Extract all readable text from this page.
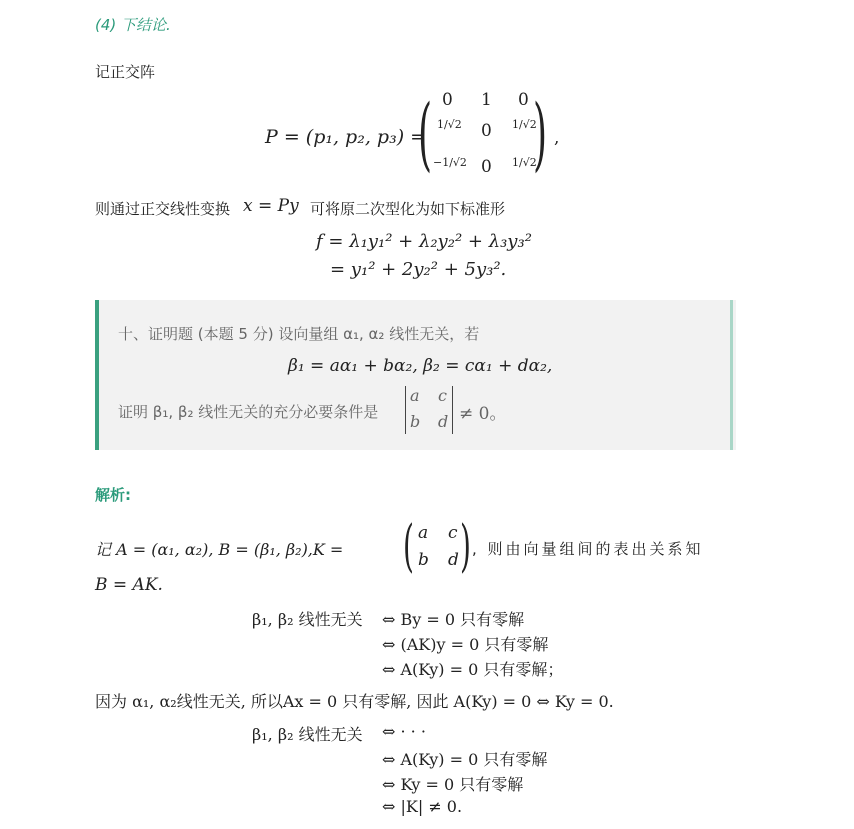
(4) 下结论.
记正交阵
P = (p₁, p₂, p₃) =
( )
0 1 0
1/√2 0 1/√2
−1/√2 0 1/√2
,
则通过正交线性变换 x = Py 可将原二次型化为如下标准形
f = λ₁y₁² + λ₂y₂² + λ₃y₃²
= y₁² + 2y₂² + 5y₃².
十、证明题 (本题 5 分) 设向量组 α₁, α₂ 线性无关，若
β₁ = aα₁ + bα₂, β₂ = cα₁ + dα₂,
证明 β₁, β₂ 线性无关的充分必要条件是
a c
b d ≠ 0。
解析:
记 A = (α₁, α₂), B = (β₁, β₂),K = ( a c
b d ) , 则由向量组间的表出关系知
B = AK.
β₁, β₂ 线性无关 ⇔ By = 0 只有零解
⇔ (AK)y = 0 只有零解
⇔ A(Ky) = 0 只有零解；
因为 α₁, α₂线性无关, 所以Ax = 0 只有零解, 因此 A(Ky) = 0 ⇔ Ky = 0.
β₁, β₂ 线性无关 ⇔ · · ·
⇔ A(Ky) = 0 只有零解
⇔ Ky = 0 只有零解
⇔ |K| ≠ 0.
